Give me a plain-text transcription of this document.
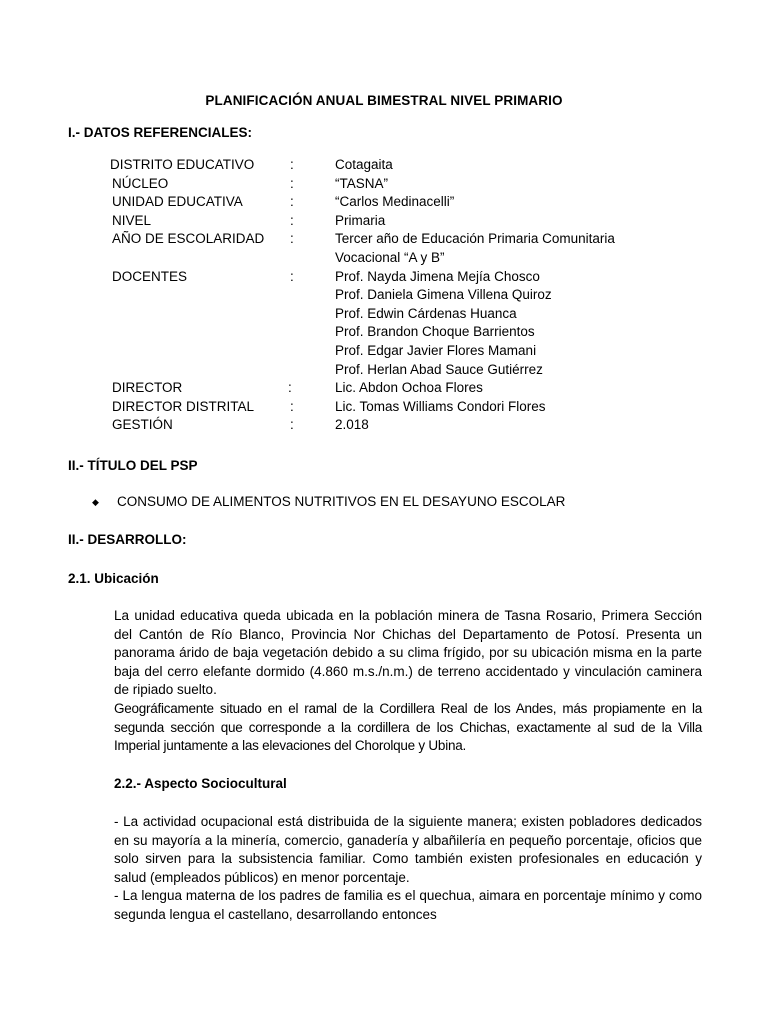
PLANIFICACIÓN ANUAL BIMESTRAL NIVEL PRIMARIO
I.- DATOS REFERENCIALES:
DISTRITO EDUCATIVO	:	Cotagaita
NÚCLEO	:	“TASNA”
UNIDAD EDUCATIVA	:	“Carlos Medinacelli”
NIVEL	:	Primaria
AÑO DE ESCOLARIDAD :	Tercer año de Educación Primaria Comunitaria
Vocacional “A y B”
DOCENTES	:	Prof. Nayda Jimena Mejía Chosco
Prof. Daniela Gimena Villena Quiroz
Prof. Edwin Cárdenas Huanca
Prof. Brandon Choque Barrientos
Prof. Edgar Javier Flores Mamani
Prof. Herlan Abad Sauce Gutiérrez
DIRECTOR	:	Lic. Abdon Ochoa Flores
DIRECTOR DISTRITAL	:	Lic. Tomas Williams Condori Flores
GESTIÓN	:	2.018
II.- TÍTULO DEL PSP
◆ CONSUMO DE ALIMENTOS NUTRITIVOS EN EL DESAYUNO ESCOLAR
II.- DESARROLLO:
2.1. Ubicación

La unidad educativa queda ubicada en la población minera de Tasna Rosario, Primera Sección del Cantón de Río Blanco, Provincia Nor Chichas del Departamento de Potosí. Presenta un panorama árido de baja vegetación debido a su clima frígido, por su ubicación misma en la parte baja del cerro elefante dormido (4.860 m.s./n.m.) de terreno accidentado y vinculación caminera de ripiado suelto.

Geográficamente situado en el ramal de la Cordillera Real de los Andes, más propiamente en la segunda sección que corresponde a la cordillera de los Chichas, exactamente al sud de la Villa Imperial juntamente a las elevaciones del Chorolque y Ubina.

2.2.- Aspecto Sociocultural

- La actividad ocupacional está distribuida de la siguiente manera; existen pobladores dedicados en su mayoría a la minería, comercio, ganadería y albañilería en pequeño porcentaje, oficios que solo sirven para la subsistencia familiar. Como también existen profesionales en educación y salud (empleados públicos) en menor porcentaje.

- La lengua materna de los padres de familia es el quechua, aimara en porcentaje mínimo y como segunda lengua el castellano, desarrollando entonces
